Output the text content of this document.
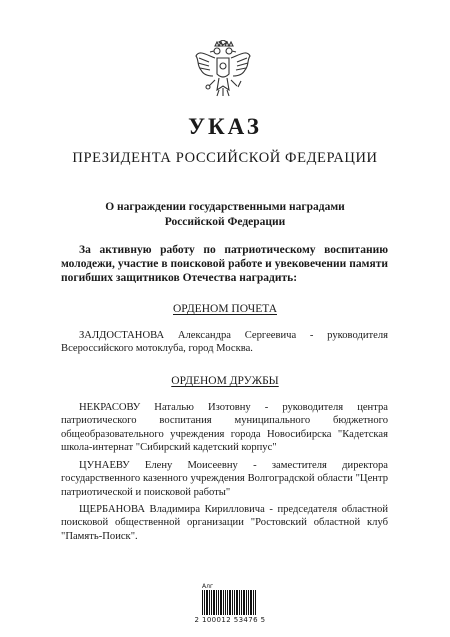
УКАЗ
ПРЕЗИДЕНТА РОССИЙСКОЙ ФЕДЕРАЦИИ
О награждении государственными наградами
Российской Федерации
За активную работу по патриотическому воспитанию молодежи, участие в поисковой работе и увековечении памяти погибших защитников Отечества наградить:
ОРДЕНОМ ПОЧЕТА
ЗАЛДОСТАНОВА Александра Сергеевича - руководителя Всероссийского мотоклуба, город Москва.
ОРДЕНОМ ДРУЖБЫ
НЕКРАСОВУ Наталью Изотовну - руководителя центра патриотического воспитания муниципального бюджетного общеобразовательного учреждения города Новосибирска "Кадетская школа-интернат "Сибирский кадетский корпус"
ЦУНАЕВУ Елену Моисеевну - заместителя директора государственного казенного учреждения Волгоградской области "Центр патриотической и поисковой работы"
ЩЕРБАНОВА Владимира Кирилловича - председателя областной поисковой общественной организации "Ростовский областной клуб "Память-Поиск".
Алг
2 100012 53476 5
